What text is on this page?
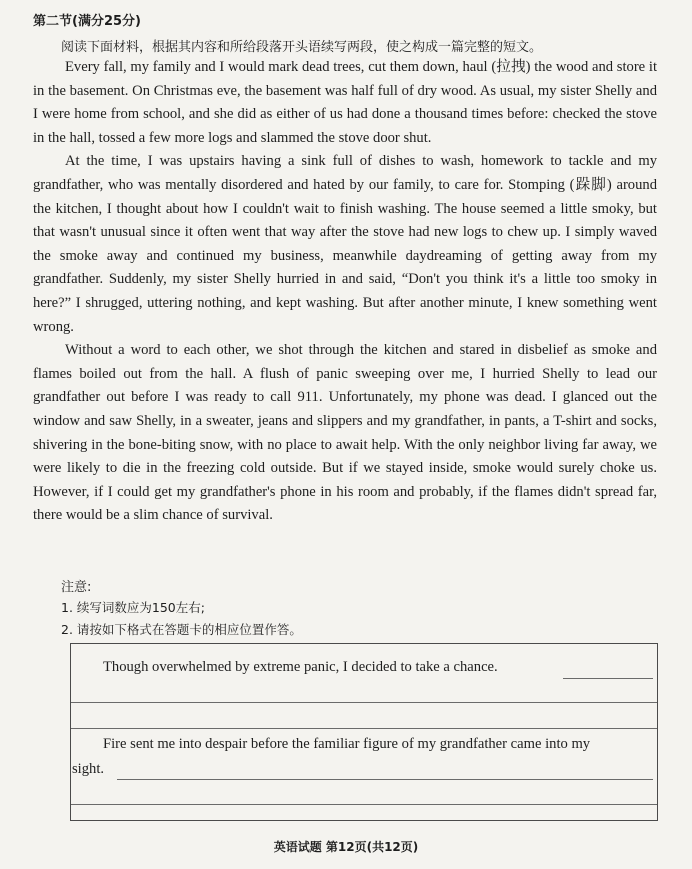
第二节(满分25分)
阅读下面材料，根据其内容和所给段落开头语续写两段，使之构成一篇完整的短文。

Every fall, my family and I would mark dead trees, cut them down, haul (拉拽) the wood and store it in the basement. On Christmas eve, the basement was half full of dry wood. As usual, my sister Shelly and I were home from school, and she did as either of us had done a thousand times before: checked the stove in the hall, tossed a few more logs and slammed the stove door shut.

At the time, I was upstairs having a sink full of dishes to wash, homework to tackle and my grandfather, who was mentally disordered and hated by our family, to care for. Stomping (跺脚) around the kitchen, I thought about how I couldn't wait to finish washing. The house seemed a little smoky, but that wasn't unusual since it often went that way after the stove had new logs to chew up. I simply waved the smoke away and continued my business, meanwhile daydreaming of getting away from my grandfather. Suddenly, my sister Shelly hurried in and said, “Don't you think it's a little too smoky in here?” I shrugged, uttering nothing, and kept washing. But after another minute, I knew something went wrong.

Without a word to each other, we shot through the kitchen and stared in disbelief as smoke and flames boiled out from the hall. A flush of panic sweeping over me, I hurried Shelly to lead our grandfather out before I was ready to call 911. Unfortunately, my phone was dead. I glanced out the window and saw Shelly, in a sweater, jeans and slippers and my grandfather, in pants, a T-shirt and socks, shivering in the bone-biting snow, with no place to await help. With the only neighbor living far away, we were likely to die in the freezing cold outside. But if we stayed inside, smoke would surely choke us. However, if I could get my grandfather's phone in his room and probably, if the flames didn't spread far, there would be a slim chance of survival.

注意:
1. 续写词数应为150左右;
2. 请按如下格式在答题卡的相应位置作答。
Though overwhelmed by extreme panic, I decided to take a chance.
Fire sent me into despair before the familiar figure of my grandfather came into my
sight.
英语试题 第12页(共12页)
